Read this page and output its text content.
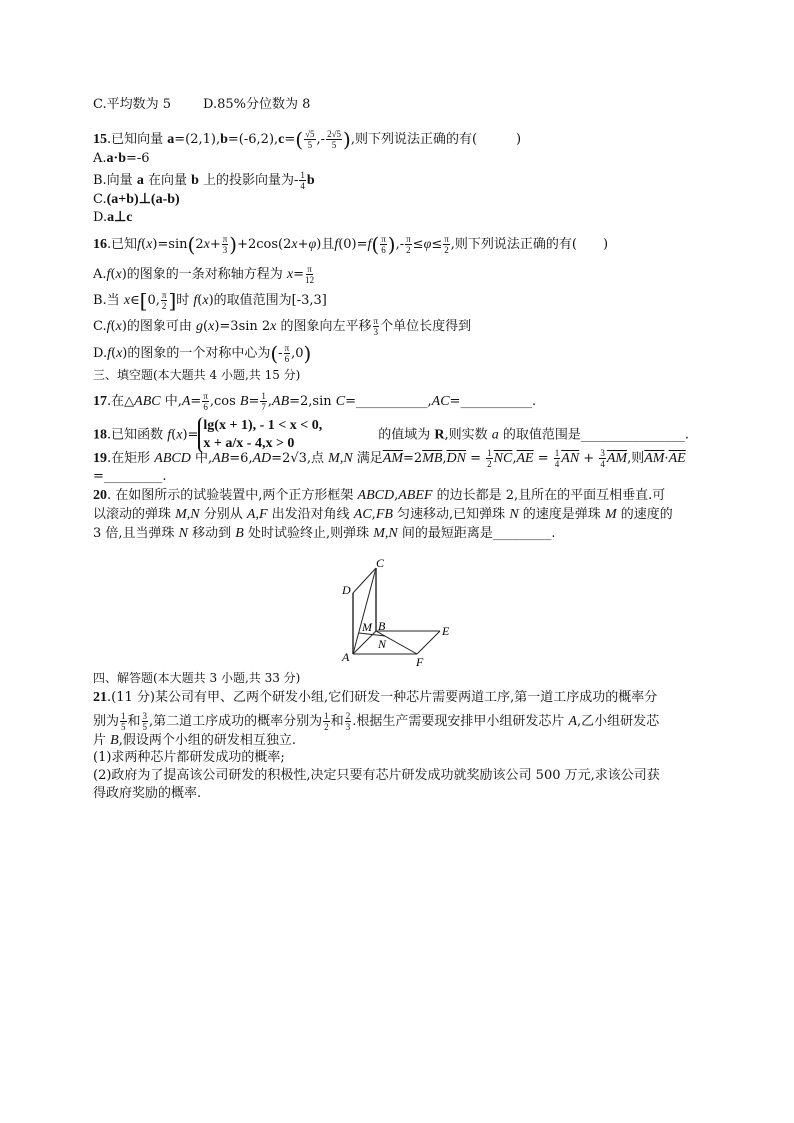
C.平均数为 5 D.85%分位数为 8
15.已知向量 $a=(2,1),b=(-6,2),c=( \frac{√5}{5}$ ,- $\frac{2√5}{5}$ ),则下列说法正确的有(　　　)
A.a·b=-6
B.向量 a 在向量 b 上的投影向量为- $\frac{1}{4}$ b
C.(a+b)⊥(a-b)
D.a⊥c
16.已知$f(x)=\sin(2x+ \frac{\pi}{3} )+2\cos(2x+\varphi)$且$f(0)=f( \frac{\pi}{6}$ ),- $\frac{\pi}{2} \le\varphi\le \frac{\pi}{2}$ ,则下列说法正确的有(　　)
A.f(x)的图象的一条对称轴方程为 $x= \frac{\pi}{12}$
B.当 x∈[0, $\frac{\pi}{2}$ ]时 f(x)的取值范围为[-3,3]
C.f(x)的图象可由 g(x)=3sin 2x 的图象向左平移 $\frac{\pi}{3}$ 个单位长度得到
D.f(x)的图象的一个对称中心为(- $\frac{\pi}{6} ,0$)
三、填空题(本大题共 4 小题,共 15 分)
17.在△ABC 中$,A= \frac{\pi}{6} ,\cos$ $B= \frac{1}{7} ,AB=2,\sin$ C=___________,AC=___________.
18.已知函数 f(x)=
lg(x + 1), - 1 < x < 0,
x + a/x - 4,x > 0
的值域为 R,则实数 a 的取值范围是________________.
19.在矩形 ABCD 中,AB=6,AD=2√3,点 M,N 满足$\overline{AM}=2\overline{MB},\overline{DN} = \frac{1}{2} \overline{NC},\overline{AE} = \frac{1}{4} \overline{AN} + \frac{3}{4} \overline{AM}$,则$\overline{AM}\cdot\overline{AE}$
=_________.
20. 在如图所示的试验装置中,两个正方形框架 ABCD,ABEF 的边长都是 2,且所在的平面互相垂直.可
以滚动的弹珠 M,N 分别从 A,F 出发沿对角线 AC,FB 匀速移动,已知弹珠 N 的速度是弹珠 M 的速度的
3 倍,且当弹珠 N 移动到 B 处时试验终止,则弹珠 M,N 间的最短距离是_________.
C
D
A
B	E
F
M
N
四、解答题(本大题共 3 小题,共 33 分)
21.(11 分)某公司有甲、乙两个研发小组,它们研发一种芯片需要两道工序,第一道工序成功的概率分
别为 $\frac{1}{5}$ 和 $\frac{3}{5}$ ,第二道工序成功的概率分别为 $\frac{1}{2}$ 和 $\frac{2}{3}$ .根据生产需要现安排甲小组研发芯片 A,乙小组研发芯
片 B,假设两个小组的研发相互独立.
(1)求两种芯片都研发成功的概率;
(2)政府为了提高该公司研发的积极性,决定只要有芯片研发成功就奖励该公司 500 万元,求该公司获
得政府奖励的概率.
